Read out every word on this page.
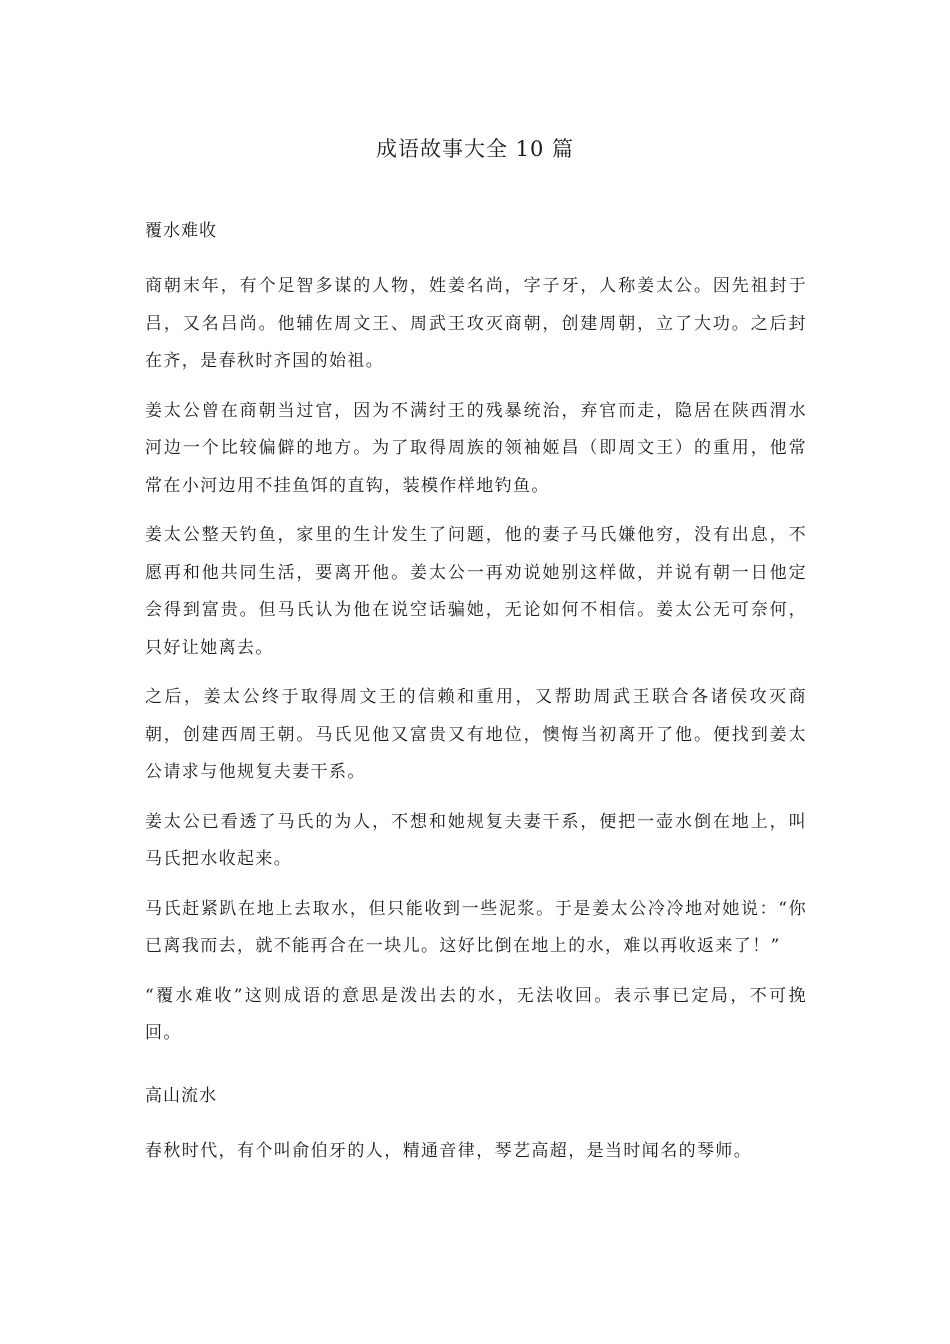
成语故事大全 10 篇
覆水难收

商朝末年，有个足智多谋的人物，姓姜名尚，字子牙，人称姜太公。因先祖封于吕，又名吕尚。他辅佐周文王、周武王攻灭商朝，创建周朝，立了大功。之后封在齐，是春秋时齐国的始祖。

姜太公曾在商朝当过官，因为不满纣王的残暴统治，弃官而走，隐居在陕西渭水河边一个比较偏僻的地方。为了取得周族的领袖姬昌（即周文王）的重用，他常常在小河边用不挂鱼饵的直钩，装模作样地钓鱼。

姜太公整天钓鱼，家里的生计发生了问题，他的妻子马氏嫌他穷，没有出息，不愿再和他共同生活，要离开他。姜太公一再劝说她别这样做，并说有朝一日他定会得到富贵。但马氏认为他在说空话骗她，无论如何不相信。姜太公无可奈何，只好让她离去。

之后，姜太公终于取得周文王的信赖和重用，又帮助周武王联合各诸侯攻灭商朝，创建西周王朝。马氏见他又富贵又有地位，懊悔当初离开了他。便找到姜太公请求与他规复夫妻干系。

姜太公已看透了马氏的为人，不想和她规复夫妻干系，便把一壶水倒在地上，叫马氏把水收起来。

马氏赶紧趴在地上去取水，但只能收到一些泥浆。于是姜太公冷冷地对她说：“你已离我而去，就不能再合在一块儿。这好比倒在地上的水，难以再收返来了！”

“覆水难收”这则成语的意思是泼出去的水，无法收回。表示事已定局，不可挽回。

高山流水

春秋时代，有个叫俞伯牙的人，精通音律，琴艺高超，是当时闻名的琴师。
